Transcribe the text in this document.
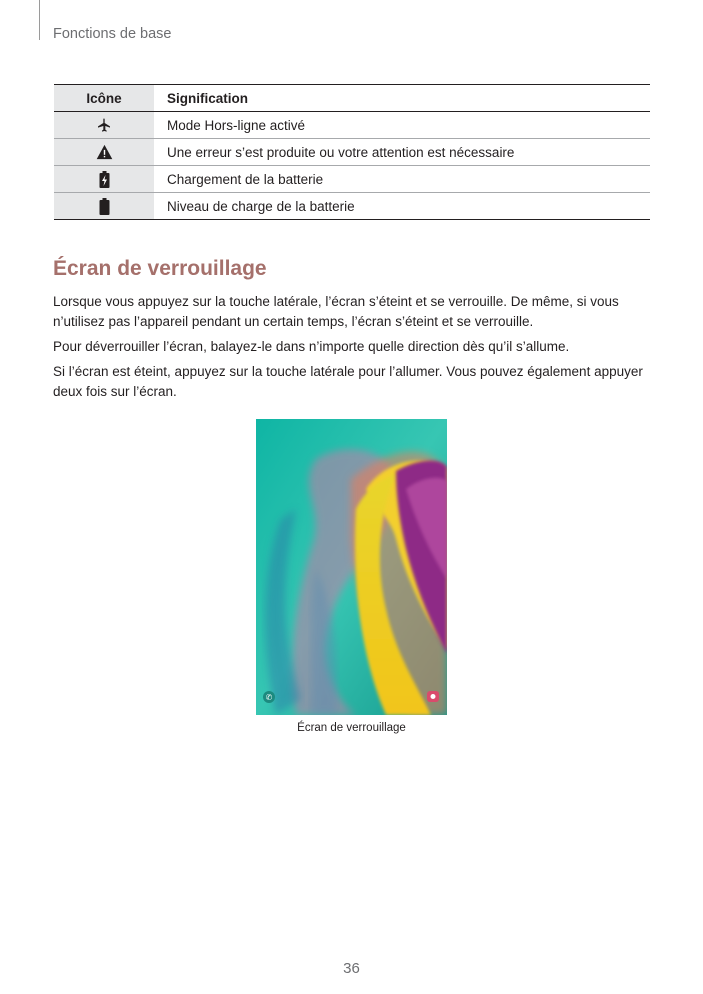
Fonctions de base
Icône	Signification
	Mode Hors-ligne activé
	Une erreur s’est produite ou votre attention est nécessaire
	Chargement de la batterie
	Niveau de charge de la batterie
Écran de verrouillage

Lorsque vous appuyez sur la touche latérale, l’écran s’éteint et se verrouille. De même, si vous n’utilisez pas l’appareil pendant un certain temps, l’écran s’éteint et se verrouille.

Pour déverrouiller l’écran, balayez-le dans n’importe quelle direction dès qu’il s’allume.

Si l’écran est éteint, appuyez sur la touche latérale pour l’allumer. Vous pouvez également appuyer deux fois sur l’écran.

✆
Écran de verrouillage
36
